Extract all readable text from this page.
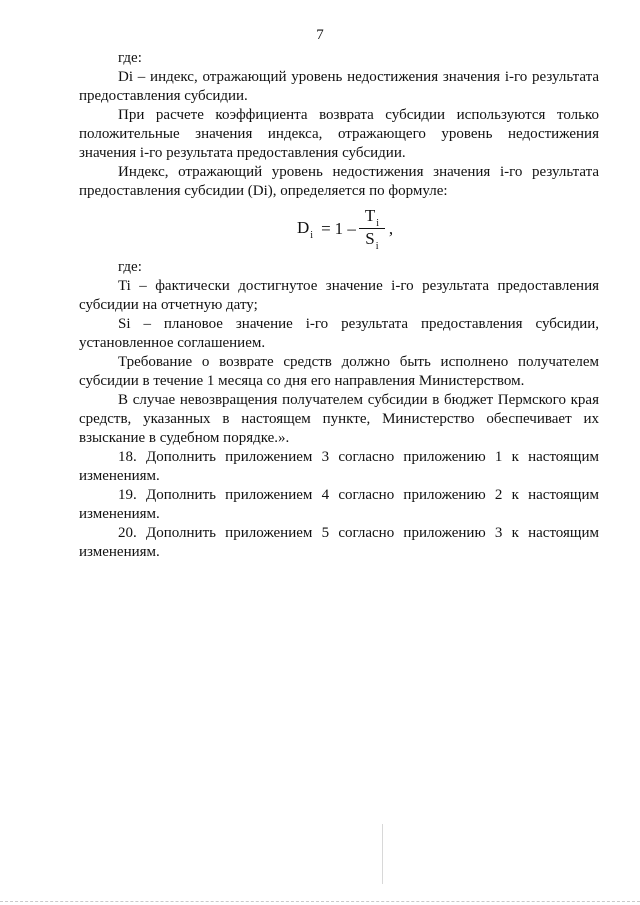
7

где:

Di – индекс, отражающий уровень недостижения значения i-го результата предоставления субсидии.

При расчете коэффициента возврата субсидии используются только положительные значения индекса, отражающего уровень недостижения значения i-го результата предоставления субсидии.

Индекс, отражающий уровень недостижения значения i-го результата предоставления субсидии (Di), определяется по формуле:

$D_i = 1 - \frac{T_i}{S_i}$ ,

где:

Ti – фактически достигнутое значение i-го результата предоставления субсидии на отчетную дату;

Si – плановое значение i-го результата предоставления субсидии, установленное соглашением.

Требование о возврате средств должно быть исполнено получателем субсидии в течение 1 месяца со дня его направления Министерством.

В случае невозвращения получателем субсидии в бюджет Пермского края средств, указанных в настоящем пункте, Министерство обеспечивает их взыскание в судебном порядке.».

18. Дополнить приложением 3 согласно приложению 1 к настоящим изменениям.

19. Дополнить приложением 4 согласно приложению 2 к настоящим изменениям.

20. Дополнить приложением 5 согласно приложению 3 к настоящим изменениям.
